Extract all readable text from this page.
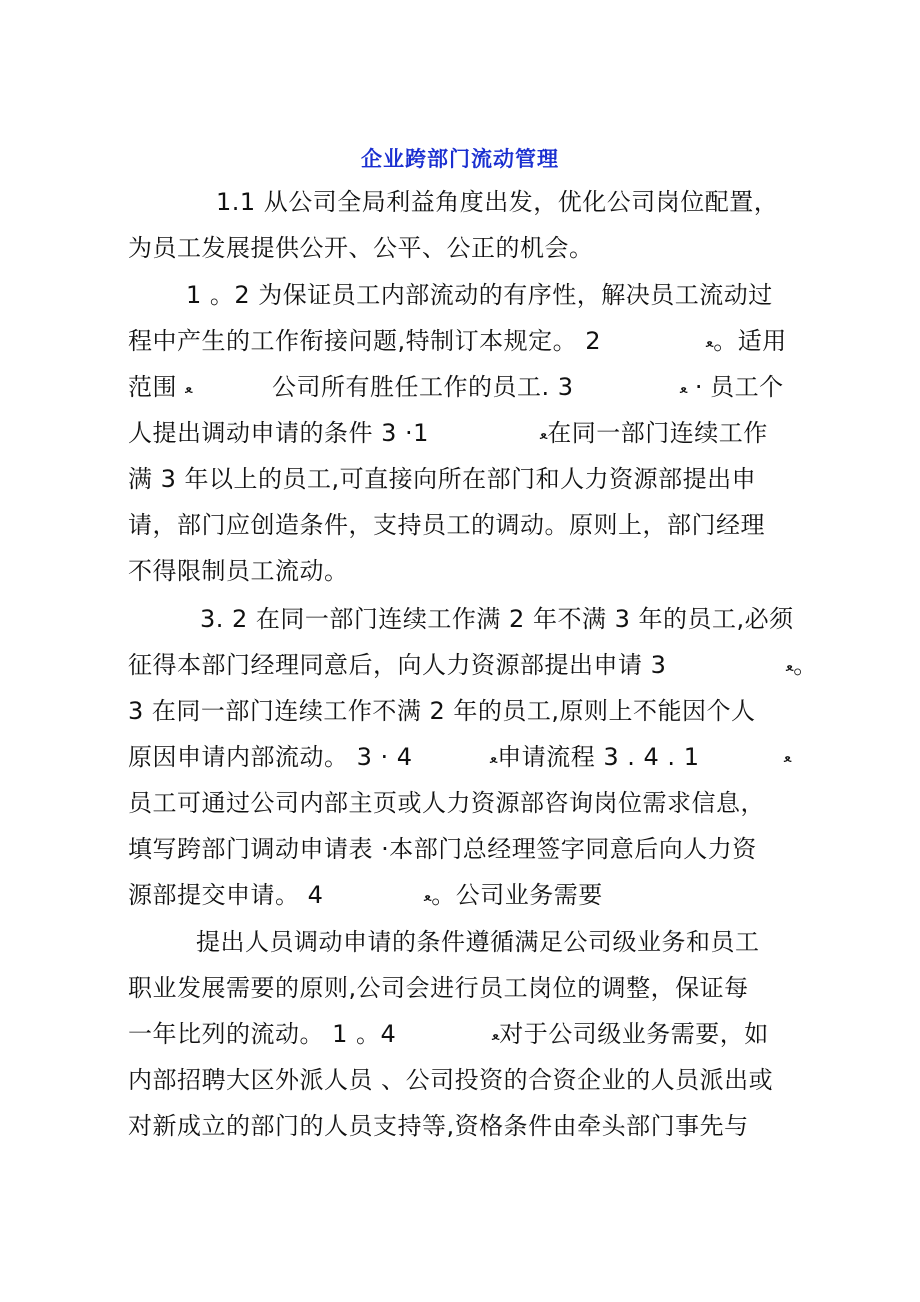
企业跨部门流动管理
1.1 从公司全局利益角度出发，优化公司岗位配置，
为员工发展提供公开、公平、公正的机会。
1 。2 为保证员工内部流动的有序性，解决员工流动过
程中产生的工作衔接问题,特制订本规定。 2	ﻌ。适用
范围 ﻌ	公司所有胜任工作的员工. 3	ﻌ · 员工个
人提出调动申请的条件 3 ·1	ﻌ在同一部门连续工作
满 3 年以上的员工,可直接向所在部门和人力资源部提出申
请，部门应创造条件，支持员工的调动。原则上，部门经理
不得限制员工流动。
3. 2 在同一部门连续工作满 2 年不满 3 年的员工,必须
征得本部门经理同意后，向人力资源部提出申请 3	ﻌ。
3 在同一部门连续工作不满 2 年的员工,原则上不能因个人
原因申请内部流动。 3 · 4	ﻌ申请流程 3 . 4 . 1	ﻌ
员工可通过公司内部主页或人力资源部咨询岗位需求信息，
填写跨部门调动申请表 ·本部门总经理签字同意后向人力资
源部提交申请。 4	ﻌ。公司业务需要
提出人员调动申请的条件遵循满足公司级业务和员工
职业发展需要的原则,公司会进行员工岗位的调整，保证每
一年比列的流动。 1 。4	ﻌ对于公司级业务需要，如
内部招聘大区外派人员 、公司投资的合资企业的人员派出或
对新成立的部门的人员支持等,资格条件由牵头部门事先与
